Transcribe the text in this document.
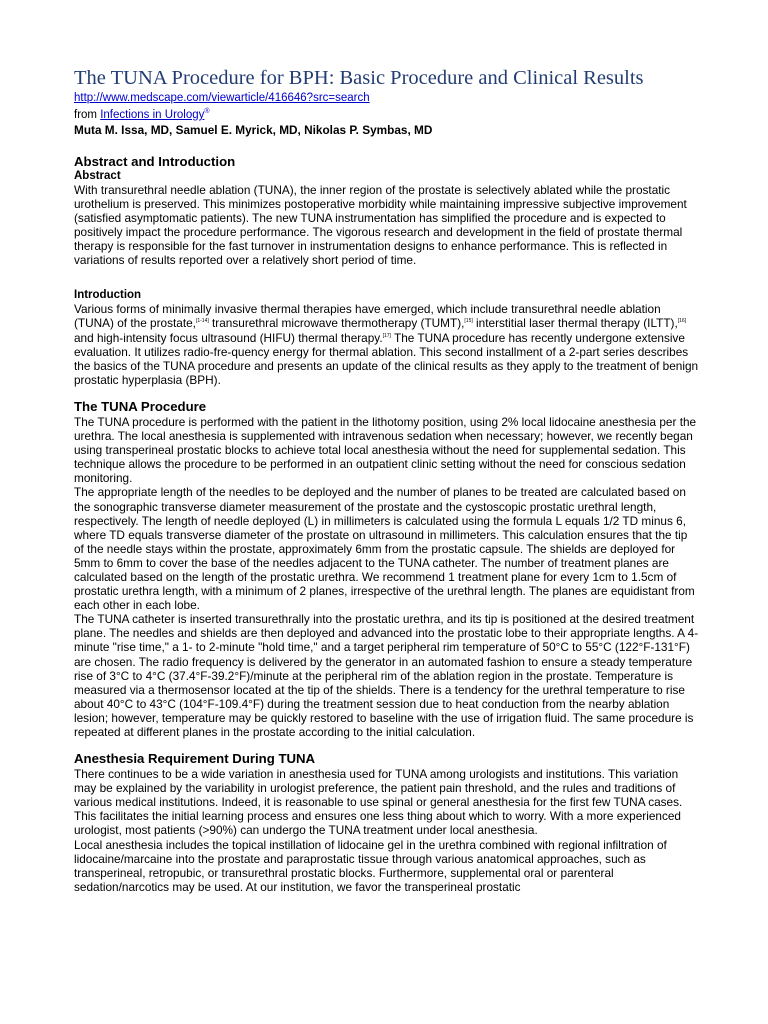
The TUNA Procedure for BPH: Basic Procedure and Clinical Results
http://www.medscape.com/viewarticle/416646?src=search
from Infections in Urology®
Muta M. Issa, MD, Samuel E. Myrick, MD, Nikolas P. Symbas, MD
Abstract and Introduction
Abstract

With transurethral needle ablation (TUNA), the inner region of the prostate is selectively ablated while the prostatic urothelium is preserved. This minimizes postoperative morbidity while maintaining impressive subjective improvement (satisfied asymptomatic patients). The new TUNA instrumentation has simplified the procedure and is expected to positively impact the procedure performance. The vigorous research and development in the field of prostate thermal therapy is responsible for the fast turnover in instrumentation designs to enhance performance. This is reflected in variations of results reported over a relatively short period of time.

Introduction

Various forms of minimally invasive thermal therapies have emerged, which include transurethral needle ablation (TUNA) of the prostate,[1-14] transurethral microwave thermotherapy (TUMT),[15] interstitial laser thermal therapy (ILTT),[16] and high-intensity focus ultrasound (HIFU) thermal therapy.[17] The TUNA procedure has recently undergone extensive evaluation. It utilizes radio-fre-quency energy for thermal ablation. This second installment of a 2-part series describes the basics of the TUNA procedure and presents an update of the clinical results as they apply to the treatment of benign prostatic hyperplasia (BPH).

The TUNA Procedure

The TUNA procedure is performed with the patient in the lithotomy position, using 2% local lidocaine anesthesia per the urethra. The local anesthesia is supplemented with intravenous sedation when necessary; however, we recently began using transperineal prostatic blocks to achieve total local anesthesia without the need for supplemental sedation. This technique allows the procedure to be performed in an outpatient clinic setting without the need for conscious sedation monitoring.

The appropriate length of the needles to be deployed and the number of planes to be treated are calculated based on the sonographic transverse diameter measurement of the prostate and the cystoscopic prostatic urethral length, respectively. The length of needle deployed (L) in millimeters is calculated using the formula L equals 1/2 TD minus 6, where TD equals transverse diameter of the prostate on ultrasound in millimeters. This calculation ensures that the tip of the needle stays within the prostate, approximately 6mm from the prostatic capsule. The shields are deployed for 5mm to 6mm to cover the base of the needles adjacent to the TUNA catheter. The number of treatment planes are calculated based on the length of the prostatic urethra. We recommend 1 treatment plane for every 1cm to 1.5cm of prostatic urethra length, with a minimum of 2 planes, irrespective of the urethral length. The planes are equidistant from each other in each lobe.

The TUNA catheter is inserted transurethrally into the prostatic urethra, and its tip is positioned at the desired treatment plane. The needles and shields are then deployed and advanced into the prostatic lobe to their appropriate lengths. A 4-minute "rise time," a 1- to 2-minute "hold time," and a target peripheral rim temperature of 50°C to 55°C (122°F-131°F) are chosen. The radio frequency is delivered by the generator in an automated fashion to ensure a steady temperature rise of 3°C to 4°C (37.4°F-39.2°F)/minute at the peripheral rim of the ablation region in the prostate. Temperature is measured via a thermosensor located at the tip of the shields. There is a tendency for the urethral temperature to rise about 40°C to 43°C (104°F-109.4°F) during the treatment session due to heat conduction from the nearby ablation lesion; however, temperature may be quickly restored to baseline with the use of irrigation fluid. The same procedure is repeated at different planes in the prostate according to the initial calculation.

Anesthesia Requirement During TUNA

There continues to be a wide variation in anesthesia used for TUNA among urologists and institutions. This variation may be explained by the variability in urologist preference, the patient pain threshold, and the rules and traditions of various medical institutions. Indeed, it is reasonable to use spinal or general anesthesia for the first few TUNA cases. This facilitates the initial learning process and ensures one less thing about which to worry. With a more experienced urologist, most patients (>90%) can undergo the TUNA treatment under local anesthesia.

Local anesthesia includes the topical instillation of lidocaine gel in the urethra combined with regional infiltration of lidocaine/marcaine into the prostate and paraprostatic tissue through various anatomical approaches, such as transperineal, retropubic, or transurethral prostatic blocks. Furthermore, supplemental oral or parenteral sedation/narcotics may be used. At our institution, we favor the transperineal prostatic
